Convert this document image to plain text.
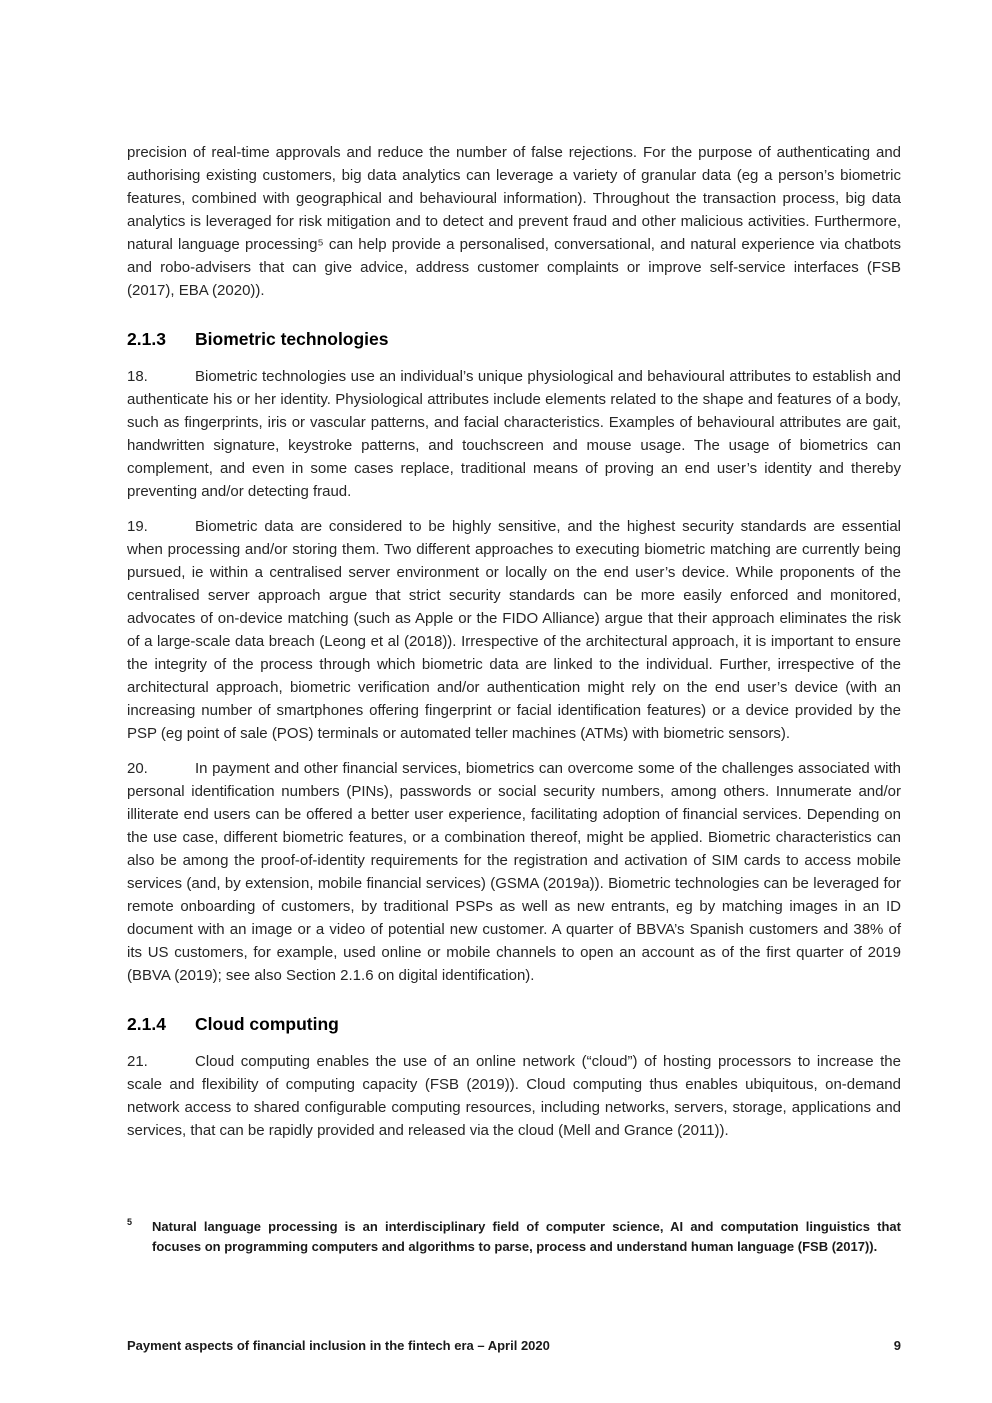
precision of real-time approvals and reduce the number of false rejections. For the purpose of authenticating and authorising existing customers, big data analytics can leverage a variety of granular data (eg a person’s biometric features, combined with geographical and behavioural information). Throughout the transaction process, big data analytics is leveraged for risk mitigation and to detect and prevent fraud and other malicious activities. Furthermore, natural language processing⁵ can help provide a personalised, conversational, and natural experience via chatbots and robo-advisers that can give advice, address customer complaints or improve self-service interfaces (FSB (2017), EBA (2020)).

2.1.3 Biometric technologies

18.	Biometric technologies use an individual’s unique physiological and behavioural attributes to establish and authenticate his or her identity. Physiological attributes include elements related to the shape and features of a body, such as fingerprints, iris or vascular patterns, and facial characteristics. Examples of behavioural attributes are gait, handwritten signature, keystroke patterns, and touchscreen and mouse usage. The usage of biometrics can complement, and even in some cases replace, traditional means of proving an end user’s identity and thereby preventing and/or detecting fraud.

19.	Biometric data are considered to be highly sensitive, and the highest security standards are essential when processing and/or storing them. Two different approaches to executing biometric matching are currently being pursued, ie within a centralised server environment or locally on the end user’s device. While proponents of the centralised server approach argue that strict security standards can be more easily enforced and monitored, advocates of on-device matching (such as Apple or the FIDO Alliance) argue that their approach eliminates the risk of a large-scale data breach (Leong et al (2018)). Irrespective of the architectural approach, it is important to ensure the integrity of the process through which biometric data are linked to the individual. Further, irrespective of the architectural approach, biometric verification and/or authentication might rely on the end user’s device (with an increasing number of smartphones offering fingerprint or facial identification features) or a device provided by the PSP (eg point of sale (POS) terminals or automated teller machines (ATMs) with biometric sensors).

20.	In payment and other financial services, biometrics can overcome some of the challenges associated with personal identification numbers (PINs), passwords or social security numbers, among others. Innumerate and/or illiterate end users can be offered a better user experience, facilitating adoption of financial services. Depending on the use case, different biometric features, or a combination thereof, might be applied. Biometric characteristics can also be among the proof-of-identity requirements for the registration and activation of SIM cards to access mobile services (and, by extension, mobile financial services) (GSMA (2019a)). Biometric technologies can be leveraged for remote onboarding of customers, by traditional PSPs as well as new entrants, eg by matching images in an ID document with an image or a video of potential new customer. A quarter of BBVA’s Spanish customers and 38% of its US customers, for example, used online or mobile channels to open an account as of the first quarter of 2019 (BBVA (2019); see also Section 2.1.6 on digital identification).

2.1.4 Cloud computing

21.	Cloud computing enables the use of an online network (“cloud”) of hosting processors to increase the scale and flexibility of computing capacity (FSB (2019)). Cloud computing thus enables ubiquitous, on-demand network access to shared configurable computing resources, including networks, servers, storage, applications and services, that can be rapidly provided and released via the cloud (Mell and Grance (2011)).

5 Natural language processing is an interdisciplinary field of computer science, AI and computation linguistics that focuses on programming computers and algorithms to parse, process and understand human language (FSB (2017)).
Payment aspects of financial inclusion in the fintech era – April 2020	9
